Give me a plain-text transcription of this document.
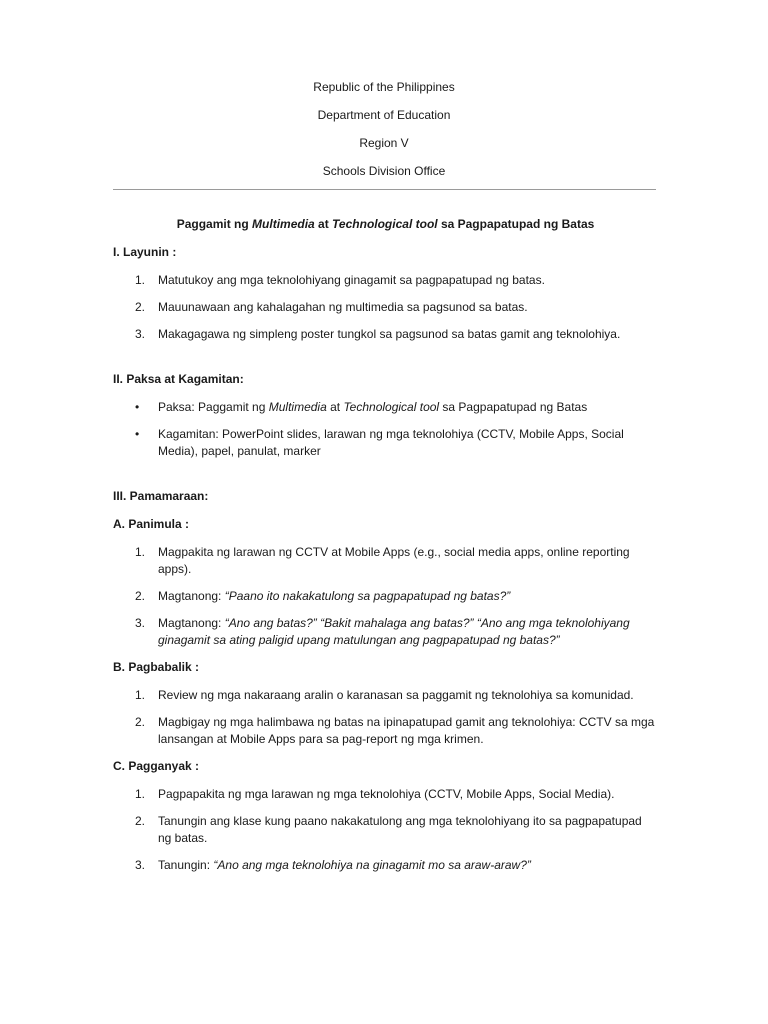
Republic of the Philippines

Department of Education

Region V

Schools Division Office

Paggamit ng Multimedia at Technological tool sa Pagpapatupad ng Batas

I. Layunin :

1. Matutukoy ang mga teknolohiyang ginagamit sa pagpapatupad ng batas.
2. Mauunawaan ang kahalagahan ng multimedia sa pagsunod sa batas.
3. Makagagawa ng simpleng poster tungkol sa pagsunod sa batas gamit ang teknolohiya.

II. Paksa at Kagamitan:

• Paksa: Paggamit ng Multimedia at Technological tool sa Pagpapatupad ng Batas
• Kagamitan: PowerPoint slides, larawan ng mga teknolohiya (CCTV, Mobile Apps, Social Media), papel, panulat, marker

III. Pamamaraan:

A. Panimula :

1. Magpakita ng larawan ng CCTV at Mobile Apps (e.g., social media apps, online reporting apps).
2. Magtanong: “Paano ito nakakatulong sa pagpapatupad ng batas?”
3. Magtanong: “Ano ang batas?” “Bakit mahalaga ang batas?” “Ano ang mga teknolohiyang ginagamit sa ating paligid upang matulungan ang pagpapatupad ng batas?”

B. Pagbabalik :

1. Review ng mga nakaraang aralin o karanasan sa paggamit ng teknolohiya sa komunidad.
2. Magbigay ng mga halimbawa ng batas na ipinapatupad gamit ang teknolohiya: CCTV sa mga lansangan at Mobile Apps para sa pag-report ng mga krimen.

C. Pagganyak :

1. Pagpapakita ng mga larawan ng mga teknolohiya (CCTV, Mobile Apps, Social Media).
2. Tanungin ang klase kung paano nakakatulong ang mga teknolohiyang ito sa pagpapatupad ng batas.
3. Tanungin: “Ano ang mga teknolohiya na ginagamit mo sa araw-araw?”
